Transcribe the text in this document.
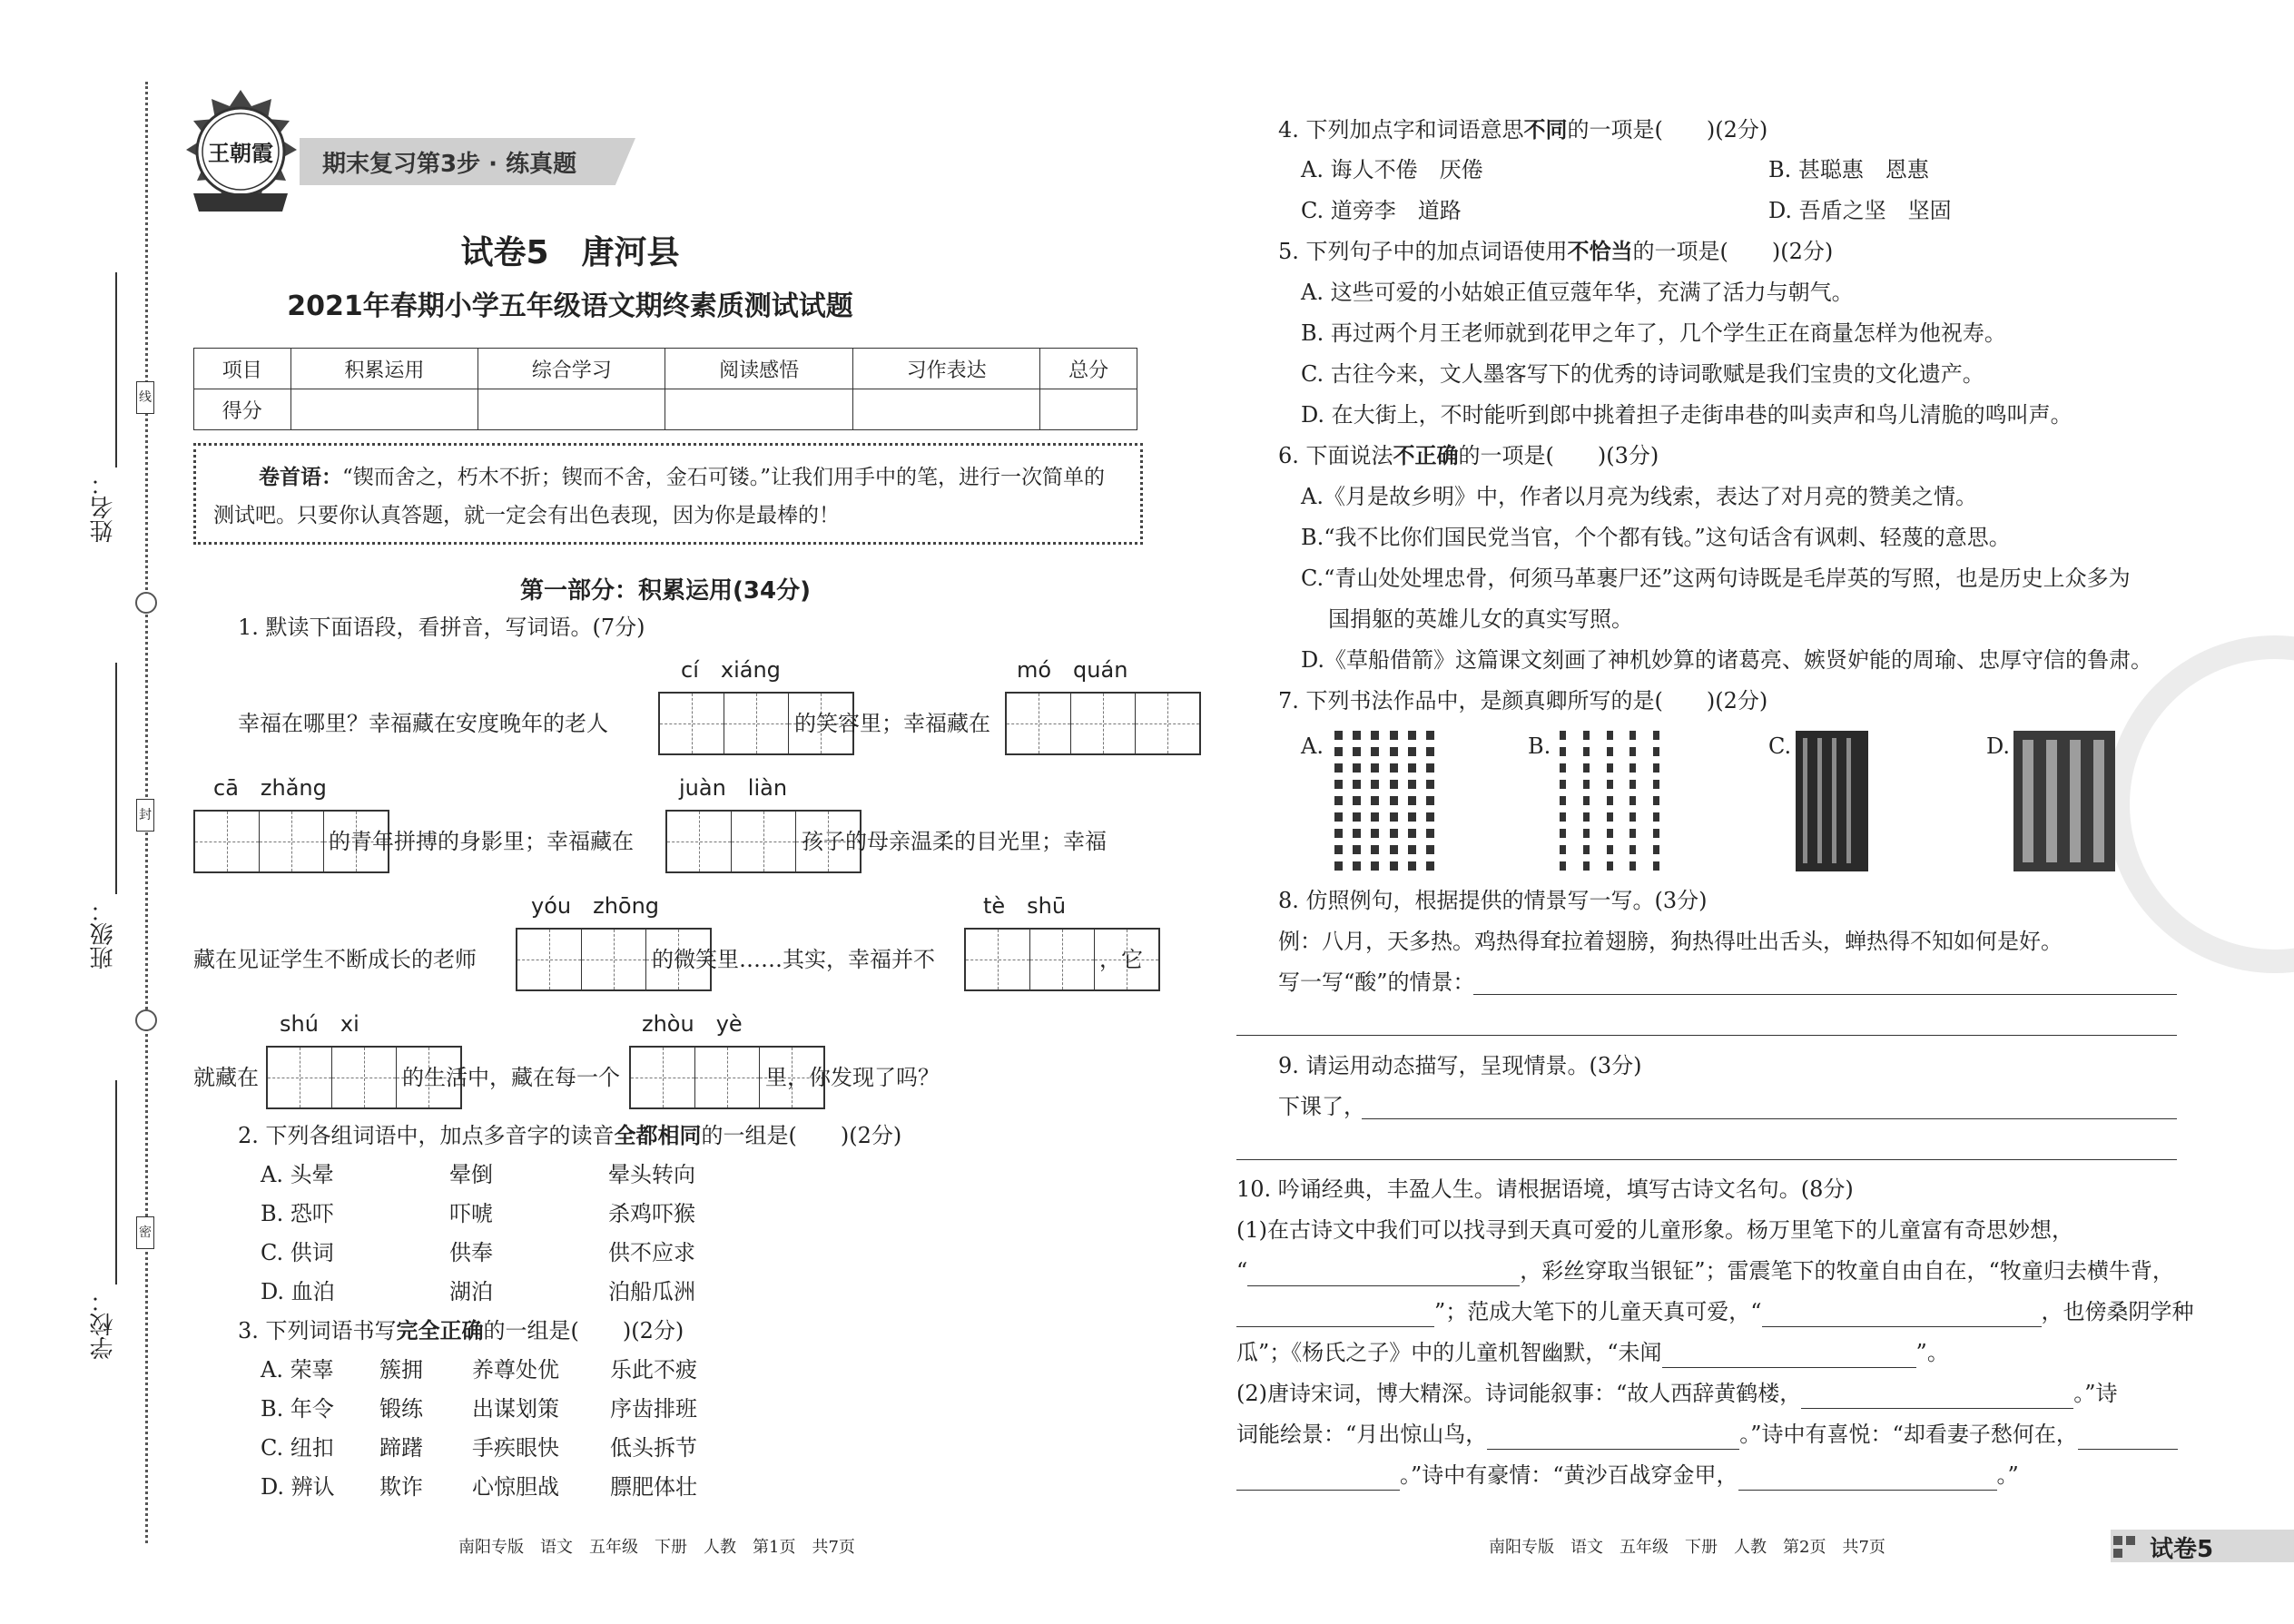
姓名：
班级：
学校：
线
封
密
王朝霞 期末复习第3步 · 练真题
试卷5　唐河县
2021年春期小学五年级语文期终素质测试试题
项目	积累运用	综合学习	阅读感悟	习作表达	总分
得分					
卷首语：“锲而舍之，朽木不折；锲而不舍，金石可镂。”让我们用手中的笔，进行一次简单的测试吧。只要你认真答题，就一定会有出色表现，因为你是最棒的！
第一部分：积累运用(34分)
1. 默读下面语段，看拼音，写词语。(7分)
cí　xiáng	mó　quán
幸福在哪里？幸福藏在安度晚年的老人	的笑容里；幸福藏在
cā　zhǎng	juàn　liàn
的青年拼搏的身影里；幸福藏在	孩子的母亲温柔的目光里；幸福
yóu　zhōng	tè　shū
藏在见证学生不断成长的老师	的微笑里……其实，幸福并不	，它
shú　xi	zhòu　yè
就藏在	的生活中，藏在每一个	里，你发现了吗？
2. 下列各组词语中，加点多音字的读音全都相同的一组是(　　)(2分)
A. 头晕	晕倒	晕头转向
B. 恐吓	吓唬	杀鸡吓猴
C. 供词	供奉	供不应求
D. 血泊	湖泊	泊船瓜洲
3. 下列词语书写完全正确的一组是(　　)(2分)
A. 荣辜 簇拥 养尊处优 乐此不疲
B. 年令 锻练 出谋划策 序齿排班
C. 纽扣 蹄躇 手疾眼快 低头拆节
D. 辨认 欺诈 心惊胆战 膘肥体壮
南阳专版　语文　五年级　下册　人教　第1页　共7页
4. 下列加点字和词语意思不同的一项是(　　)(2分)
A. 诲人不倦　厌倦	B. 甚聪惠　恩惠
C. 道旁李　道路	D. 吾盾之坚　坚固
5. 下列句子中的加点词语使用不恰当的一项是(　　)(2分)
A. 这些可爱的小姑娘正值豆蔻年华，充满了活力与朝气。
B. 再过两个月王老师就到花甲之年了，几个学生正在商量怎样为他祝寿。
C. 古往今来，文人墨客写下的优秀的诗词歌赋是我们宝贵的文化遗产。
D. 在大街上，不时能听到郎中挑着担子走街串巷的叫卖声和鸟儿清脆的鸣叫声。
6. 下面说法不正确的一项是(　　)(3分)
A.《月是故乡明》中，作者以月亮为线索，表达了对月亮的赞美之情。
B.“我不比你们国民党当官，个个都有钱。”这句话含有讽刺、轻蔑的意思。
C.“青山处处埋忠骨，何须马革裹尸还”这两句诗既是毛岸英的写照，也是历史上众多为
国捐躯的英雄儿女的真实写照。
D.《草船借箭》这篇课文刻画了神机妙算的诸葛亮、嫉贤妒能的周瑜、忠厚守信的鲁肃。
7. 下列书法作品中，是颜真卿所写的是(　　)(2分)
A.	B.	C.	D.
8. 仿照例句，根据提供的情景写一写。(3分)
例：八月，天多热。鸡热得耷拉着翅膀，狗热得吐出舌头，蝉热得不知如何是好。
写一写“酸”的情景：
9. 请运用动态描写，呈现情景。(3分)
下课了，
10. 吟诵经典，丰盈人生。请根据语境，填写古诗文名句。(8分)
(1)在古诗文中我们可以找寻到天真可爱的儿童形象。杨万里笔下的儿童富有奇思妙想，
“	，彩丝穿取当银钲”；雷震笔下的牧童自由自在，“牧童归去横牛背，
”；范成大笔下的儿童天真可爱，“	，也傍桑阴学种
瓜”；《杨氏之子》中的儿童机智幽默，“未闻	”。
(2)唐诗宋词，博大精深。诗词能叙事：“故人西辞黄鹤楼，	。”诗
词能绘景：“月出惊山鸟，	。”诗中有喜悦：“却看妻子愁何在，
。”诗中有豪情：“黄沙百战穿金甲，	。”
南阳专版　语文　五年级　下册　人教　第2页　共7页	试卷5
